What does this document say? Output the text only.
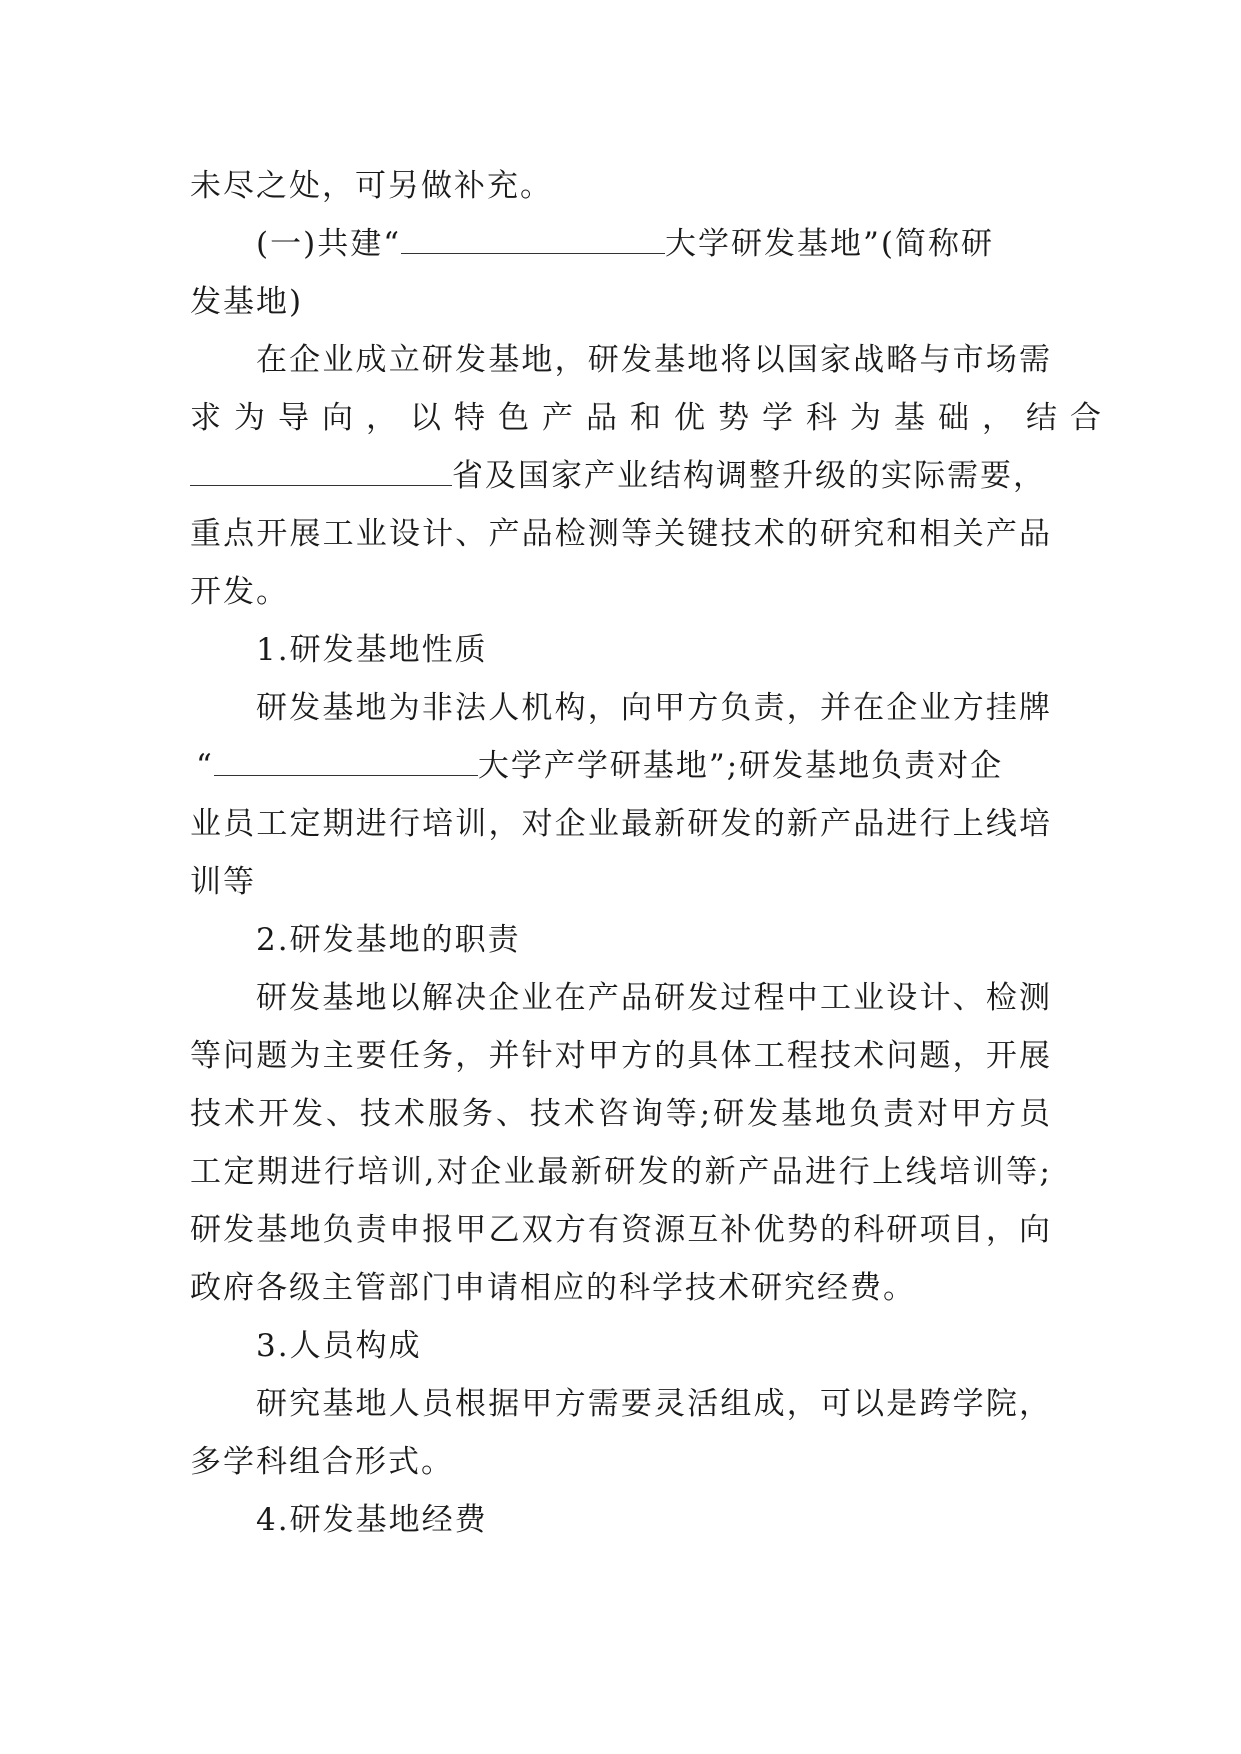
未尽之处，可另做补充。
(一)共建“	大学研发基地”(简称研
发基地)
在企业成立研发基地，研发基地将以国家战略与市场需
求为导向，以特色产品和优势学科为基础，结合
省及国家产业结构调整升级的实际需要，
重点开展工业设计、产品检测等关键技术的研究和相关产品
开发。
1.研发基地性质
研发基地为非法人机构，向甲方负责，并在企业方挂牌
“	大学产学研基地”;研发基地负责对企
业员工定期进行培训，对企业最新研发的新产品进行上线培
训等
2.研发基地的职责
研发基地以解决企业在产品研发过程中工业设计、检测
等问题为主要任务，并针对甲方的具体工程技术问题，开展
技术开发、技术服务、技术咨询等;研发基地负责对甲方员
工定期进行培训,对企业最新研发的新产品进行上线培训等;
研发基地负责申报甲乙双方有资源互补优势的科研项目，向
政府各级主管部门申请相应的科学技术研究经费。
3.人员构成
研究基地人员根据甲方需要灵活组成，可以是跨学院，
多学科组合形式。
4.研发基地经费
